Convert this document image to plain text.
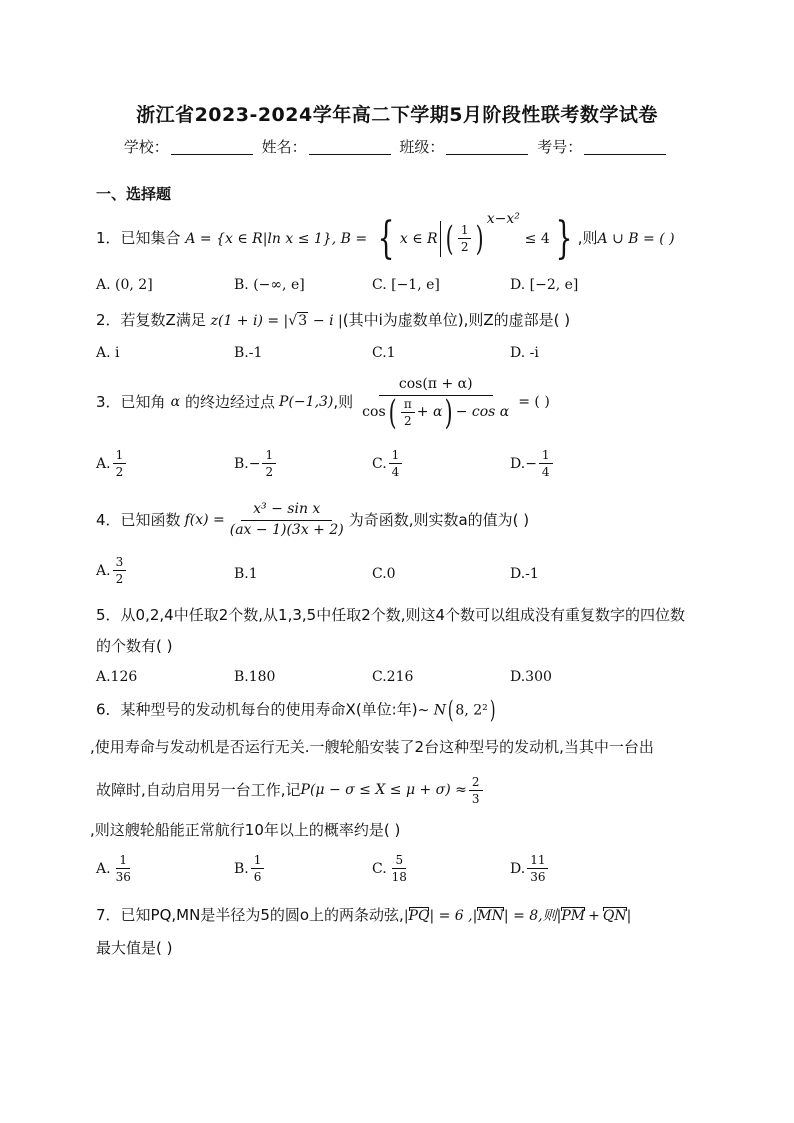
浙江省2023-2024学年高二下学期5月阶段性联考数学试卷
学校：	姓名：	班级：	考号：
一、选择题
1．已知集合 A = {x ∈ R|ln x ≤ 1}, B = { x ∈ R ( $\frac{1}{2}$ ) $^{x-x^2}$ ≤ 4 } ,则A ∪ B = ( )
A. (0, 2]	B. (−∞, e]	C. [−1, e]	D. [−2, e]
2．若复数Z满足 z(1 + i) = |√3 − i |(其中i为虚数单位),则Z的虚部是( )
A. i	B.-1	C.1	D. -i
3． 已知角 α 的终边经过点 P(−1,3) ,则 $\frac{\cos(\pi + \alpha)}{\cos ( \frac{\pi}{2} + \alpha ) - \cos \alpha}$ = ( )
A. $\frac{1}{2}$	B. − $\frac{1}{2}$	C. $\frac{1}{4}$	D. − $\frac{1}{4}$
4． 已知函数 $f(x) = \frac{\text{x³ − sin x}}{(ax - 1)(3x + 2)}$ 为奇函数,则实数a的值为( )
A. $\frac{3}{2}$	B.1	C.0	D.-1
5．从0,2,4中任取2个数,从1,3,5中任取2个数,则这4个数可以组成没有重复数字的四位数
的个数有( )
A.126	B.180	C.216	D.300
6．某种型号的发动机每台的使用寿命X(单位:年)∼ N( 8, 2²)
,使用寿命与发动机是否运行无关.一艘轮船安装了2台这种型号的发动机,当其中一台出
故障时,自动启用另一台工作,记 $P(\mu - \sigma \le X \le \mu + \sigma) \approx \frac{2}{3}$
,则这艘轮船能正常航行10年以上的概率约是( )
A. $\frac{1}{36}$	B. $\frac{1}{6}$	C. $\frac{5}{18}$	D. $\frac{11}{36}$
7．已知PQ,MN是半径为5的圆o上的两条动弦,|PQ| = 6 ,|MN| = 8,则|PM + QN|
最大值是( )
